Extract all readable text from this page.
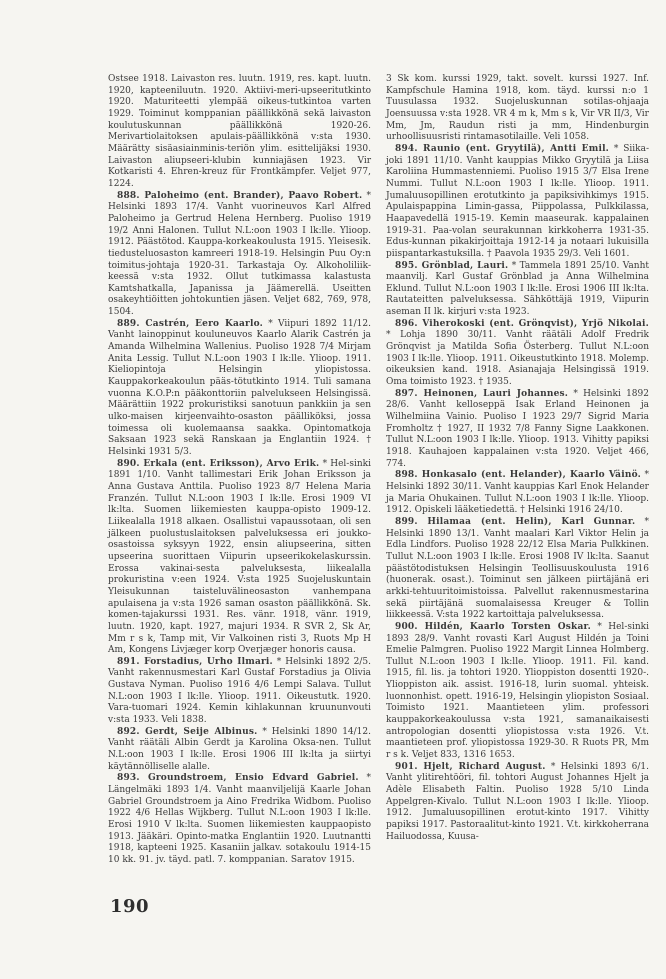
Ostsee 1918. Laivaston res. luutn. 1919, res. kapt. luutn. 1920, kapteeniluutn. 1920. Aktiivi-meri-upseeritutkinto 1920. Maturiteetti ylempää oikeus-tutkintoa varten 1929. Toiminut komppanian päällikkönä sekä laivaston koulutuskunnan päällikkönä 1920-26. Merivartiolaitoksen apulais-päällikkönä v:sta 1930. Määrätty sisäasiainminis-teriön ylim. esittelijäksi 1930. Laivaston aliupseeri-klubin kunniajäsen 1923. Vir Kotkaristi 4. Ehren-kreuz für Frontkämpfer. Veljet 977, 1224.

888. Paloheimo (ent. Brander), Paavo Robert. * Helsinki 1893 17/4. Vanht vuorineuvos Karl Alfred Paloheimo ja Gertrud Helena Hernberg. Puoliso 1919 19/2 Anni Halonen. Tullut N.L:oon 1903 I lk:lle. Ylioop. 1912. Päästötod. Kauppa-korkeakoulusta 1915. Yleisesik. tiedusteluosaston kamreeri 1918-19. Helsingin Puu Oy:n toimitus-johtaja 1920-31. Tarkastaja Oy. Alkoholiliik-keessä v:sta 1932. Ollut tutkimassa kalastusta Kamtshatkalla, Japanissa ja Jäämerellä. Useitten osakeyhtiöitten johtokuntien jäsen. Veljet 682, 769, 978, 1504.

889. Castrén, Eero Kaarlo. * Viipuri 1892 11/12. Vanht lainoppinut kouluneuvos Kaarlo Alarik Castrén ja Amanda Wilhelmina Wallenius. Puoliso 1928 7/4 Mirjam Anita Lessig. Tullut N.L:oon 1903 I lk:lle. Ylioop. 1911. Kieliopintoja Helsingin yliopistossa. Kauppakorkeakoulun pääs-tötutkinto 1914. Tuli samana vuonna K.O.P:n pääkonttoriin palvelukseen Helsingissä. Määrättiin 1922 prokuristiksi sanotuun pankkiin ja sen ulko-maisen kirjeenvaihto-osaston päälliköksi, jossa toimessa oli kuolemaansa saakka. Opintomatkoja Saksaan 1923 sekä Ranskaan ja Englantiin 1924. † Helsinki 1931 5/3.

890. Erkala (ent. Eriksson), Arvo Erik. * Hel-sinki 1891 1/10. Vanht tallimestari Erik Johan Eriksson ja Anna Gustava Anttila. Puoliso 1923 8/7 Helena Maria Franzén. Tullut N.L:oon 1903 I lk:lle. Erosi 1909 VI lk:lta. Suomen liikemiesten kauppa-opisto 1909-12. Liikealalla 1918 alkaen. Osallistui vapaussotaan, oli sen jälkeen puolustuslaitoksen palveluksessa eri joukko-osastoissa syksyyn 1922, ensin aliupseerina, sitten upseerina suorittaen Viipurin upseerikokelaskurssin. Erossa vakinai-sesta palveluksesta, liikealalla prokuristina v:een 1924. V:sta 1925 Suojeluskuntain Yleisukunnan taisteluvälineosaston vanhempana apulaisena ja v:sta 1926 saman osaston päällikkönä. Sk. komen-tajakurssi 1931. Res. vänr. 1918, vänr. 1919, luutn. 1920, kapt. 1927, majuri 1934. R SVR 2, Sk Ar, Mm r s k, Tamp mit, Vir Valkoinen risti 3, Ruots Mp H Am, Kongens Livjæger korp Overjæger honoris causa.

891. Forstadius, Urho Ilmari. * Helsinki 1892 2/5. Vanht rakennusmestari Karl Gustaf Forstadius ja Olivia Gustava Nyman. Puoliso 1916 4/6 Lempi Salava. Tullut N.L:oon 1903 I lk:lle. Ylioop. 1911. Oikeustutk. 1920. Vara-tuomari 1924. Kemin kihlakunnan kruununvouti v:sta 1933. Veli 1838.

892. Gerdt, Seije Albinus. * Helsinki 1890 14/12. Vanht räätäli Albin Gerdt ja Karolina Oksa-nen. Tullut N.L:oon 1903 I lk:lle. Erosi 1906 III lk:lta ja siirtyi käytännölliselle alalle.

893. Groundstroem, Ensio Edvard Gabriel. * Längelmäki 1893 1/4. Vanht maanviljelijä Kaarle Johan Gabriel Groundstroem ja Aino Fredrika Widbom. Puoliso 1922 4/6 Hellas Wijkberg. Tullut N.L:oon 1903 I lk:lle. Erosi 1910 V lk:lta. Suomen liikemiesten kauppaopisto 1913. Jääkäri. Opinto-matka Englantiin 1920. Luutnantti 1918, kapteeni 1925. Kasaniin jalkav. sotakoulu 1914-15 10 kk. 91. jv. täyd. patl. 7. komppanian. Saratov 1915.

3 Sk kom. kurssi 1929, takt. sovelt. kurssi 1927. Inf. Kampfschule Hamina 1918, kom. täyd. kurssi n:o 1 Tuusulassa 1932. Suojeluskunnan sotilas-ohjaaja Joensuussa v:sta 1928. VR 4 m k, Mm s k, Vir VR II/3, Vir Mm, Jm, Raudun risti ja mm, Hindenburgin urhoollisuusristi rintamasotilaille. Veli 1058.

894. Raunio (ent. Gryytilä), Antti Emil. * Siika-joki 1891 11/10. Vanht kauppias Mikko Gryytilä ja Liisa Karoliina Hummastenniemi. Puoliso 1915 3/7 Elsa Irene Nummi. Tullut N.L:oon 1903 I lk:lle. Ylioop. 1911. Jumaluusopillinen erotutkinto ja papiksivihkimys 1915. Apulaispappina Limin-gassa, Piippolassa, Pulkkilassa, Haapavedellä 1915-19. Kemin maaseurak. kappalainen 1919-31. Paa-volan seurakunnan kirkkoherra 1931-35. Edus-kunnan pikakirjoittaja 1912-14 ja notaari lukuisilla piispantarkastuksilla. † Paavola 1935 29/3. Veli 1601.

895. Grönblad, Lauri. * Tammela 1891 25/10. Vanht maanvilj. Karl Gustaf Grönblad ja Anna Wilhelmina Eklund. Tullut N.L:oon 1903 I lk:lle. Erosi 1906 III lk:lta. Rautateitten palveluksessa. Sähköttäjä 1919, Viipurin aseman II lk. kirjuri v:sta 1923.

896. Viherokoski (ent. Grönqvist), Yrjö Nikolai. * Lohja 1890 30/11. Vanht räätäli Adolf Fredrik Grönqvist ja Matilda Sofia Österberg. Tullut N.L:oon 1903 I lk:lle. Ylioop. 1911. Oikeustutkinto 1918. Molemp. oikeuksien kand. 1918. Asianajaja Helsingissä 1919. Oma toimisto 1923. † 1935.

897. Heinonen, Lauri Johannes. * Helsinki 1892 28/6. Vanht kelloseppä Isak Erland Heinonen ja Wilhelmiina Vainio. Puoliso I 1923 29/7 Sigrid Maria Fromholtz † 1927, II 1932 7/8 Fanny Signe Laakkonen. Tullut N.L:oon 1903 I lk:lle. Ylioop. 1913. Vihitty papiksi 1918. Kauhajoen kappalainen v:sta 1920. Veljet 466, 774.

898. Honkasalo (ent. Helander), Kaarlo Väinö. * Helsinki 1892 30/11. Vanht kauppias Karl Enok Helander ja Maria Ohukainen. Tullut N.L:oon 1903 I lk:lle. Ylioop. 1912. Opiskeli lääketiedettä. † Helsinki 1916 24/10.

899. Hilamaa (ent. Helin), Karl Gunnar. * Helsinki 1890 13/1. Vanht maalari Karl Viktor Helin ja Edla Lindfors. Puoliso 1928 22/12 Elsa Maria Pulkkinen. Tullut N.L:oon 1903 I lk:lle. Erosi 1908 IV lk:lta. Saanut päästötodistuksen Helsingin Teollisuuskoulusta 1916 (huonerak. osast.). Toiminut sen jälkeen piirtäjänä eri arkki-tehtuuritoimistoissa. Palvellut rakennusmestarina sekä piirtäjänä suomalaisessa Kreuger & Tollin liikkeessä. V:sta 1922 kartoittaja palveluksessa.

900. Hildén, Kaarlo Torsten Oskar. * Hel-sinki 1893 28/9. Vanht rovasti Karl August Hildén ja Toini Emelie Palmgren. Puoliso 1922 Margit Linnea Holmberg. Tullut N.L:oon 1903 I lk:lle. Ylioop. 1911. Fil. kand. 1915, fil. lis. ja tohtori 1920. Ylioppiston dosentti 1920-. Ylioppiston aik. assist. 1916-18, lurin suomal. yhteisk. luonnonhist. opett. 1916-19, Helsingin yliopiston Sosiaal. Toimisto 1921. Maantieteen ylim. professori kauppakorkeakoulussa v:sta 1921, samanaikaisesti antropologian dosentti yliopistossa v:sta 1926. V.t. maantieteen prof. yliopistossa 1929-30. R Ruots PR, Mm r s k. Veljet 833, 1316 1653.

901. Hjelt, Richard August. * Helsinki 1893 6/1. Vanht ylitirehtööri, fil. tohtori August Johannes Hjelt ja Adèle Elisabeth Faltin. Puoliso 1928 5/10 Linda Appelgren-Kivalo. Tullut N.L:oon 1903 I lk:lle. Ylioop. 1912. Jumaluusopillinen erotut-kinto 1917. Vihitty papiksi 1917. Pastoraalitut-kinto 1921. V.t. kirkkoherrana Hailuodossa, Kuusa-

190
